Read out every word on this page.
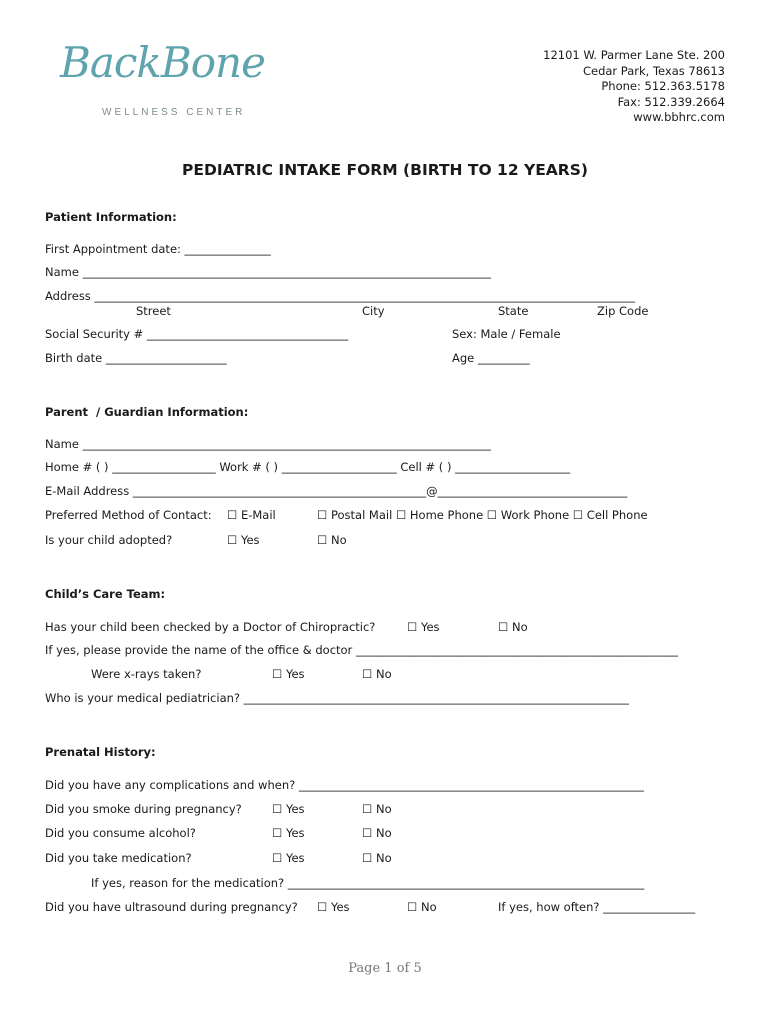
BackBone
WELLNESS CENTER
12101 W. Parmer Lane Ste. 200
Cedar Park, Texas 78613
Phone: 512.363.5178
Fax: 512.339.2664
www.bbhrc.com
PEDIATRIC INTAKE FORM (BIRTH TO 12 YEARS)
Patient Information:
First Appointment date: _______________
Name _______________________________________________________________________
Address ______________________________________________________________________________________________
Street	City	State	Zip Code
Social Security # ___________________________________	Sex: Male / Female
Birth date _____________________	Age _________
Parent  / Guardian Information:
Name _______________________________________________________________________
Home # ( ) __________________ Work # ( ) ____________________ Cell # ( ) ____________________
E-Mail Address ___________________________________________________@_________________________________
Preferred Method of Contact: ☐ E-Mail	☐ Postal Mail ☐ Home Phone ☐ Work Phone ☐ Cell Phone
Is your child adopted?	☐ Yes	☐ No
Child’s Care Team:
Has your child been checked by a Doctor of Chiropractic?	☐ Yes	☐ No
If yes, please provide the name of the office & doctor ________________________________________________________
Were x-rays taken?	☐ Yes	☐ No
Who is your medical pediatrician? ___________________________________________________________________
Prenatal History:
Did you have any complications and when? ____________________________________________________________
Did you smoke during pregnancy?	☐ Yes	☐ No
Did you consume alcohol?	☐ Yes	☐ No
Did you take medication?	☐ Yes	☐ No
If yes, reason for the medication? ______________________________________________________________
Did you have ultrasound during pregnancy? ☐ Yes	☐ No	If yes, how often? ________________
Page 1 of 5
